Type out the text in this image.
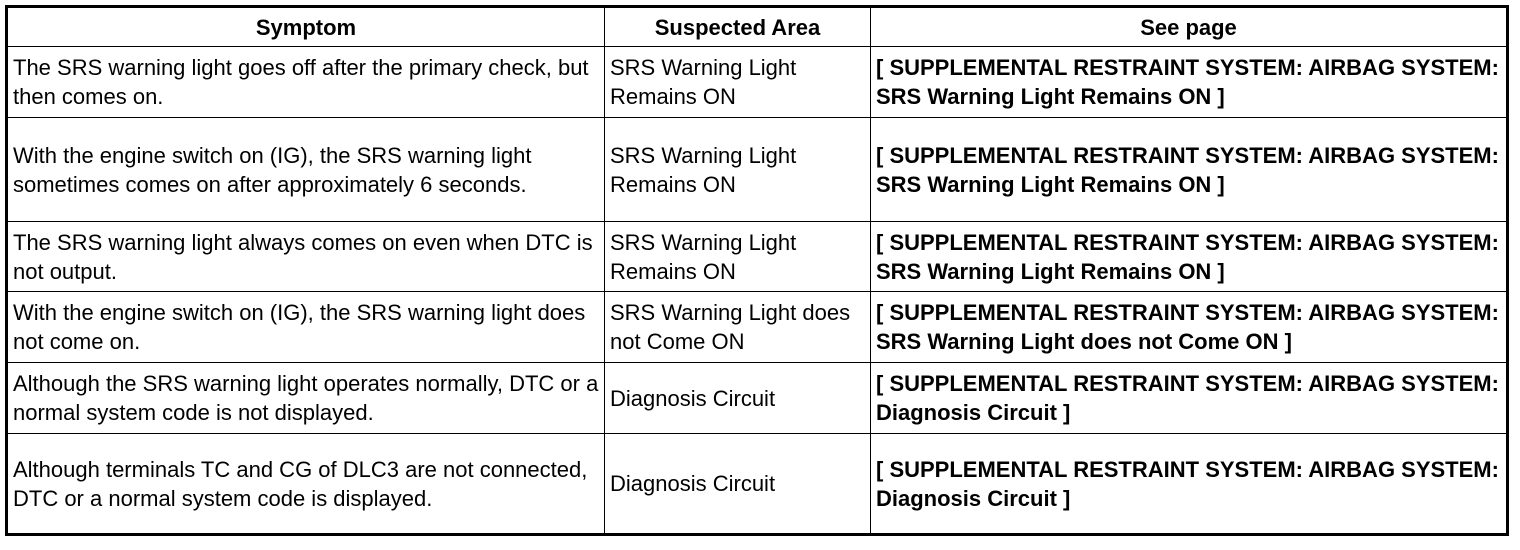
Symptom	Suspected Area	See page
The SRS warning light goes off after the primary check, but then comes on.	SRS Warning Light Remains ON	[ SUPPLEMENTAL RESTRAINT SYSTEM: AIRBAG SYSTEM: SRS Warning Light Remains ON ]
With the engine switch on (IG), the SRS warning light sometimes comes on after approximately 6 seconds.	SRS Warning Light Remains ON	[ SUPPLEMENTAL RESTRAINT SYSTEM: AIRBAG SYSTEM: SRS Warning Light Remains ON ]
The SRS warning light always comes on even when DTC is not output.	SRS Warning Light Remains ON	[ SUPPLEMENTAL RESTRAINT SYSTEM: AIRBAG SYSTEM: SRS Warning Light Remains ON ]
With the engine switch on (IG), the SRS warning light does not come on.	SRS Warning Light does not Come ON	[ SUPPLEMENTAL RESTRAINT SYSTEM: AIRBAG SYSTEM: SRS Warning Light does not Come ON ]
Although the SRS warning light operates normally, DTC or a normal system code is not displayed.	Diagnosis Circuit	[ SUPPLEMENTAL RESTRAINT SYSTEM: AIRBAG SYSTEM: Diagnosis Circuit ]
Although terminals TC and CG of DLC3 are not connected, DTC or a normal system code is displayed.	Diagnosis Circuit	[ SUPPLEMENTAL RESTRAINT SYSTEM: AIRBAG SYSTEM: Diagnosis Circuit ]
